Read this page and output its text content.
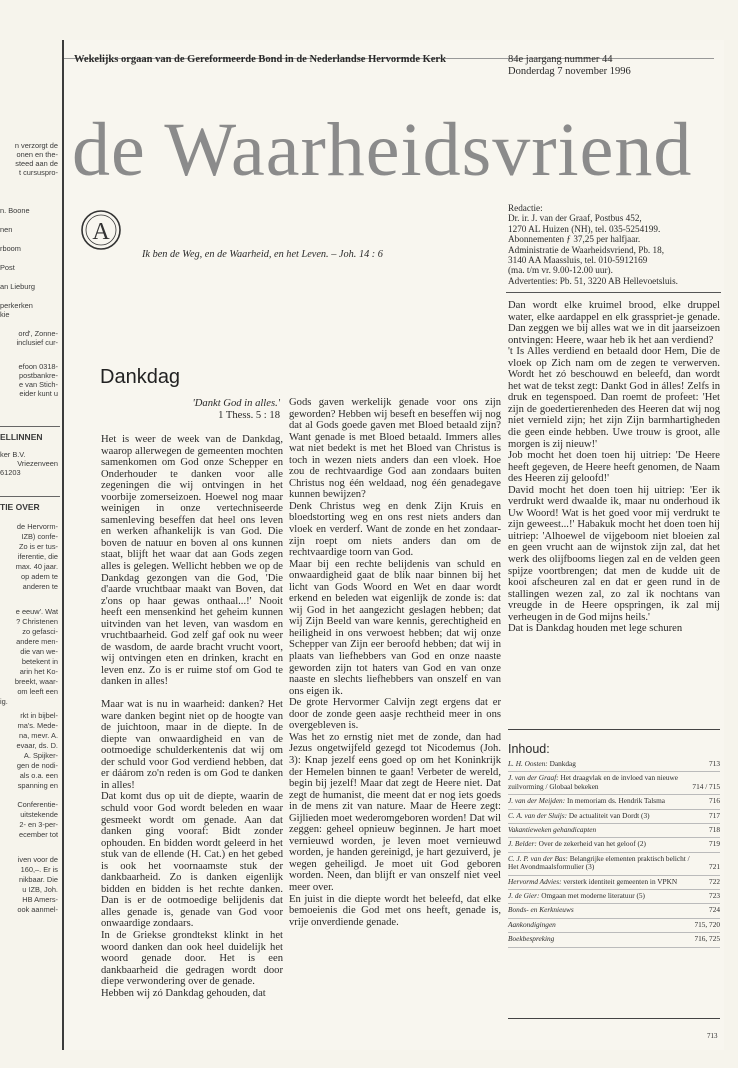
n verzorgt de
onen en the-
steed aan de
t cursuspro-
n. Boone
nen
rboom
Post
an Lieburg
perkerken
kie
ord', Zonne-
inclusief cur-
efoon 0318-
postbankre-
e van Stich-
eider kunt u
ELLINNEN
ker B.V.
Vriezenveen
61203
TIE OVER
de Hervorm-
IZB) confe-
Zo is er tus-
iferentie, die
max. 40 jaar.
op adem te
anderen te
e eeuw'. Wat
? Christenen
zo gefasci-
andere men-
die van we-
betekent in
arin het Ko-
breekt, waar-
om leeft een
ig.
rkt in bijbel-
ma's. Mede-
na, mevr. A.
evaar, ds. D.
A. Spijker-
gen de nodi-
als o.a. een
spanning en
Conferentie-
uitstekende
2- en 3-per-
ecember tot
iven voor de
160,–. Er is
nikbaar. Die
u IZB, Joh.
HB Amers-
ook aanmel-
Wekelijks orgaan van de Gereformeerde Bond in de Nederlandse Hervormde Kerk	84e jaargang nummer 44
Donderdag 7 november 1996
de Waarheidsvriend
A
Ik ben de Weg, en de Waarheid, en het Leven. – Joh. 14 : 6
Redactie:
Dr. ir. J. van der Graaf, Postbus 452,
1270 AL Huizen (NH), tel. 035-5254199.
Abonnementen ƒ 37,25 per halfjaar.
Administratie de Waarheidsvriend, Pb. 18,
3140 AA Maassluis, tel. 010-5912169
(ma. t/m vr. 9.00-12.00 uur).
Advertenties: Pb. 51, 3220 AB Hellevoetsluis.
Dankdag
'Dankt God in alles.'
1 Thess. 5 : 18

Het is weer de week van de Dankdag, waarop allerwegen de gemeenten mochten samenkomen om God onze Schepper en Onderhouder te danken voor alle zegeningen die wij ontvingen in het voorbije zomerseizoen. Hoewel nog maar weinigen in onze vertechniseerde samenleving beseffen dat heel ons leven en werken afhankelijk is van God. Die boven de natuur en boven al ons kunnen staat, blijft het waar dat aan Gods zegen alles is gelegen. Wellicht hebben we op de Dankdag gezongen van die God, 'Die d'aarde vruchtbaar maakt van Boven, dat z'ons op haar gewas onthaal...!' Nooit heeft een mensenkind het geheim kunnen uitvinden van het leven, van wasdom en vruchtbaarheid. God zelf gaf ook nu weer de wasdom, de aarde bracht vrucht voort, wij ontvingen eten en drinken, kracht en leven enz. Zo is er ruime stof om God te danken in alles!

Maar wat is nu in waarheid: danken? Het ware danken begint niet op de hoogte van de juichtoon, maar in de diepte. In de diepte van onwaardigheid en van de ootmoedige schulderkentenis dat wij om der schuld voor God verdiend hebben, dat er dáárom zo'n reden is om God te danken in alles!

Dat komt dus op uit de diepte, waarin de schuld voor God wordt beleden en waar gesmeekt wordt om genade. Aan dat danken ging vooraf: Bidt zonder ophouden. En bidden wordt geleerd in het stuk van de ellende (H. Cat.) en het gebed is ook het voornaamste stuk der dankbaarheid. Zo is danken eigenlijk bidden en bidden is het rechte danken. Dan is er de ootmoedige belijdenis dat alles genade is, genade van God voor onwaardige zondaars.

In de Griekse grondtekst klinkt in het woord danken dan ook heel duidelijk het woord genade door. Het is een dankbaarheid die gedragen wordt door diepe verwondering over de genade.

Hebben wij zó Dankdag gehouden, dat

Gods gaven werkelijk genade voor ons zijn geworden? Hebben wij beseft en beseffen wij nog dat al Gods goede gaven met Bloed betaald zijn? Want genade is met Bloed betaald. Immers alles wat niet bedekt is met het Bloed van Christus is toch in wezen niets anders dan een vloek. Hoe zou de rechtvaardige God aan zondaars buiten Christus nog één weldaad, nog één genadegave kunnen bewijzen?

Denk Christus weg en denk Zijn Kruis en bloedstorting weg en ons rest niets anders dan vloek en verderf. Want de zonde en het zondaar-zijn roept om niets anders dan om de rechtvaardige toorn van God.

Maar bij een rechte belijdenis van schuld en onwaardigheid gaat de blik naar binnen bij het licht van Gods Woord en Wet en daar wordt erkend en beleden wat eigenlijk de zonde is: dat wij God in het aangezicht geslagen hebben; dat wij Zijn Beeld van ware kennis, gerechtigheid en heiligheid in ons verwoest hebben; dat wij onze Schepper van Zijn eer beroofd hebben; dat wij in plaats van liefhebbers van God en onze naaste geworden zijn tot haters van God en van onze naaste en slechts liefhebbers van onszelf en van ons eigen ik.

De grote Hervormer Calvijn zegt ergens dat er door de zonde geen aasje rechtheid meer in ons overgebleven is.

Was het zo ernstig niet met de zonde, dan had Jezus ongetwijfeld gezegd tot Nicodemus (Joh. 3): Knap jezelf eens goed op om het Koninkrijk der Hemelen binnen te gaan! Verbeter de wereld, begin bij jezelf! Maar dat zegt de Heere niet. Dat zegt de humanist, die meent dat er nog iets goeds in de mens zit van nature. Maar de Heere zegt: Gijlieden moet wederomgeboren worden! Dat wil zeggen: geheel opnieuw beginnen. Je hart moet vernieuwd worden, je leven moet vernieuwd worden, je handen gereinigd, je hart gezuiverd, je wegen geheiligd. Je moet uit God geboren worden. Neen, dan blijft er van onszelf niet veel meer over.

En juist in die diepte wordt het beleefd, dat elke bemoeienis die God met ons heeft, genade is, vrije onverdiende genade.

Dan wordt elke kruimel brood, elke druppel water, elke aardappel en elk grasspriet-je genade. Dan zeggen we bij alles wat we in dit jaarseizoen ontvingen: Heere, waar heb ik het aan verdiend?

't Is Alles verdiend en betaald door Hem, Die de vloek op Zich nam om de zegen te verwerven. Wordt het zó beschouwd en beleefd, dan wordt het wat de tekst zegt: Dankt God in álles! Zelfs in druk en tegenspoed. Dan roemt de profeet: 'Het zijn de goedertierenheden des Heeren dat wij nog niet vernield zijn; het zijn Zijn barmhartigheden die geen einde hebben. Uwe trouw is groot, alle morgen is zij nieuw!'

Job mocht het doen toen hij uitriep: 'De Heere heeft gegeven, de Heere heeft genomen, de Naam des Heeren zij geloofd!'

David mocht het doen toen hij uitriep: 'Eer ik verdrukt werd dwaalde ik, maar nu onderhoud ik Uw Woord! Wat is het goed voor mij verdrukt te zijn geweest...!' Habakuk mocht het doen toen hij uitriep: 'Alhoewel de vijgeboom niet bloeien zal en geen vrucht aan de wijnstok zijn zal, dat het werk des olijfbooms liegen zal en de velden geen spijze voortbrengen; dat men de kudde uit de kooi afscheuren zal en dat er geen rund in de stallingen wezen zal, zo zal ik nochtans van vreugde in de Heere opspringen, ik zal mij verheugen in de God mijns heils.'

Dat is Dankdag houden met lege schuren

Inhoud:
L. H. Oosten: Dankdag	713
J. van der Graaf: Het draagvlak en de invloed van nieuwe zuilvorming / Globaal bekeken	714 / 715
J. van der Meijden: In memoriam ds. Hendrik Talsma	716
C. A. van der Sluijs: De actualiteit van Dordt (3)	717
Vakantieweken gehandicapten	718
J. Belder: Over de zekerheid van het geloof (2)	719
C. J. P. van der Bas: Belangrijke elementen praktisch belicht / Het Avondmaalsformulier (3)	721
Hervormd Advies: versterk identiteit gemeenten in VPKN	722
J. de Gier: Omgaan met moderne literatuur (5)	723
Bonds- en Kerknieuws	724
Aankondigingen	715, 720
Boekbespreking	716, 725
713
